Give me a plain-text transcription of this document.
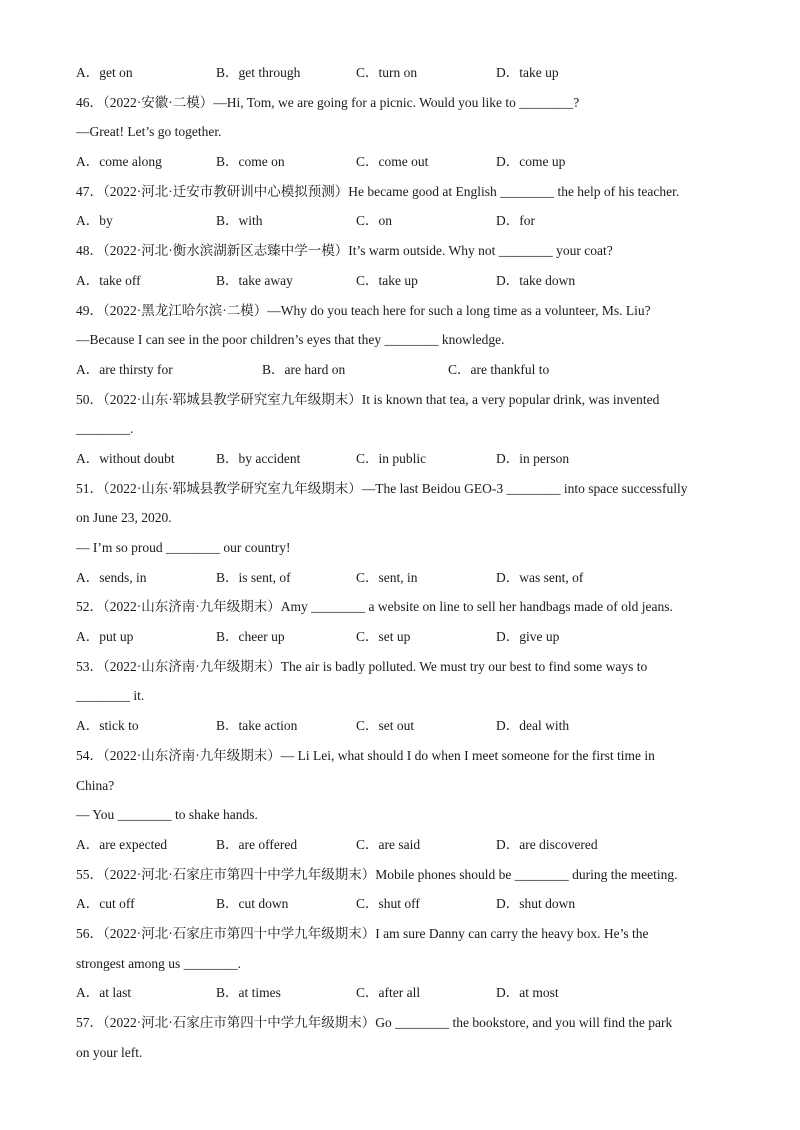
A．get on	B．get through	C．turn on	D．take up
46．（2022·安徽·二模）—Hi, Tom, we are going for a picnic. Would you like to ________?
—Great! Let’s go together.
A．come along	B．come on	C．come out	D．come up
47．（2022·河北·迁安市教研训中心模拟预测）He became good at English ________ the help of his teacher.
A．by	B．with	C．on	D．for
48．（2022·河北·衡水滨湖新区志臻中学一模）It’s warm outside. Why not ________ your coat?
A．take off	B．take away	C．take up	D．take down
49．（2022·黑龙江哈尔滨·二模）—Why do you teach here for such a long time as a volunteer, Ms. Liu?
—Because I can see in the poor children’s eyes that they ________ knowledge.
A．are thirsty for	B．are hard on	C．are thankful to
50．（2022·山东·郓城县教学研究室九年级期末）It is known that tea, a very popular drink, was invented
________.
A．without doubt	B．by accident	C．in public	D．in person
51．（2022·山东·郓城县教学研究室九年级期末）—The last Beidou GEO-3 ________ into space successfully
on June 23, 2020.
— I’m so proud ________ our country!
A．sends, in	B．is sent, of	C．sent, in	D．was sent, of
52．（2022·山东济南·九年级期末）Amy ________ a website on line to sell her handbags made of old jeans.
A．put up	B．cheer up	C．set up	D．give up
53．（2022·山东济南·九年级期末）The air is badly polluted. We must try our best to find some ways to
________ it.
A．stick to	B．take action	C．set out	D．deal with
54．（2022·山东济南·九年级期末）— Li Lei, what should I do when I meet someone for the first time in
China?
— You ________ to shake hands.
A．are expected	B．are offered	C．are said	D．are discovered
55．（2022·河北·石家庄市第四十中学九年级期末）Mobile phones should be ________ during the meeting.
A．cut off	B．cut down	C．shut off	D．shut down
56．（2022·河北·石家庄市第四十中学九年级期末）I am sure Danny can carry the heavy box. He’s the
strongest among us ________.
A．at last	B．at times	C．after all	D．at most
57．（2022·河北·石家庄市第四十中学九年级期末）Go ________ the bookstore, and you will find the park
on your left.
